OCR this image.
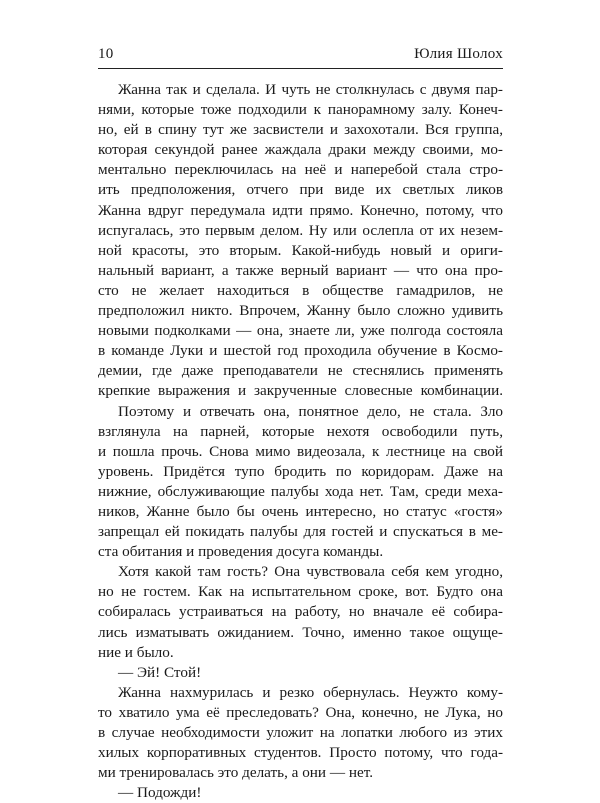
10	Юлия Шолох
Жанна так и сделала. И чуть не столкнулась с двумя пар-
нями, которые тоже подходили к панорамному залу. Конеч-
но, ей в спину тут же засвистели и захохотали. Вся группа,
которая секундой ранее жаждала драки между своими, мо-
ментально переключилась на неё и наперебой стала стро-
ить предположения, отчего при виде их светлых ликов
Жанна вдруг передумала идти прямо. Конечно, потому, что
испугалась, это первым делом. Ну или ослепла от их незем-
ной красоты, это вторым. Какой-нибудь новый и ориги-
нальный вариант, а также верный вариант — что она про-
сто не желает находиться в обществе гамадрилов, не
предположил никто. Впрочем, Жанну было сложно удивить
новыми подколками — она, знаете ли, уже полгода состояла
в команде Луки и шестой год проходила обучение в Космо-
демии, где даже преподаватели не стеснялись применять
крепкие выражения и закрученные словесные комбинации.
Поэтому и отвечать она, понятное дело, не стала. Зло
взглянула на парней, которые нехотя освободили путь,
и пошла прочь. Снова мимо видеозала, к лестнице на свой
уровень. Придётся тупо бродить по коридорам. Даже на
нижние, обслуживающие палубы хода нет. Там, среди меха-
ников, Жанне было бы очень интересно, но статус «гостя»
запрещал ей покидать палубы для гостей и спускаться в ме-
ста обитания и проведения досуга команды.
Хотя какой там гость? Она чувствовала себя кем угодно,
но не гостем. Как на испытательном сроке, вот. Будто она
собиралась устраиваться на работу, но вначале её собира-
лись изматывать ожиданием. Точно, именно такое ощуще-
ние и было.
— Эй! Стой!
Жанна нахмурилась и резко обернулась. Неужто кому-
то хватило ума её преследовать? Она, конечно, не Лука, но
в случае необходимости уложит на лопатки любого из этих
хилых корпоративных студентов. Просто потому, что года-
ми тренировалась это делать, а они — нет.
— Подожди!
